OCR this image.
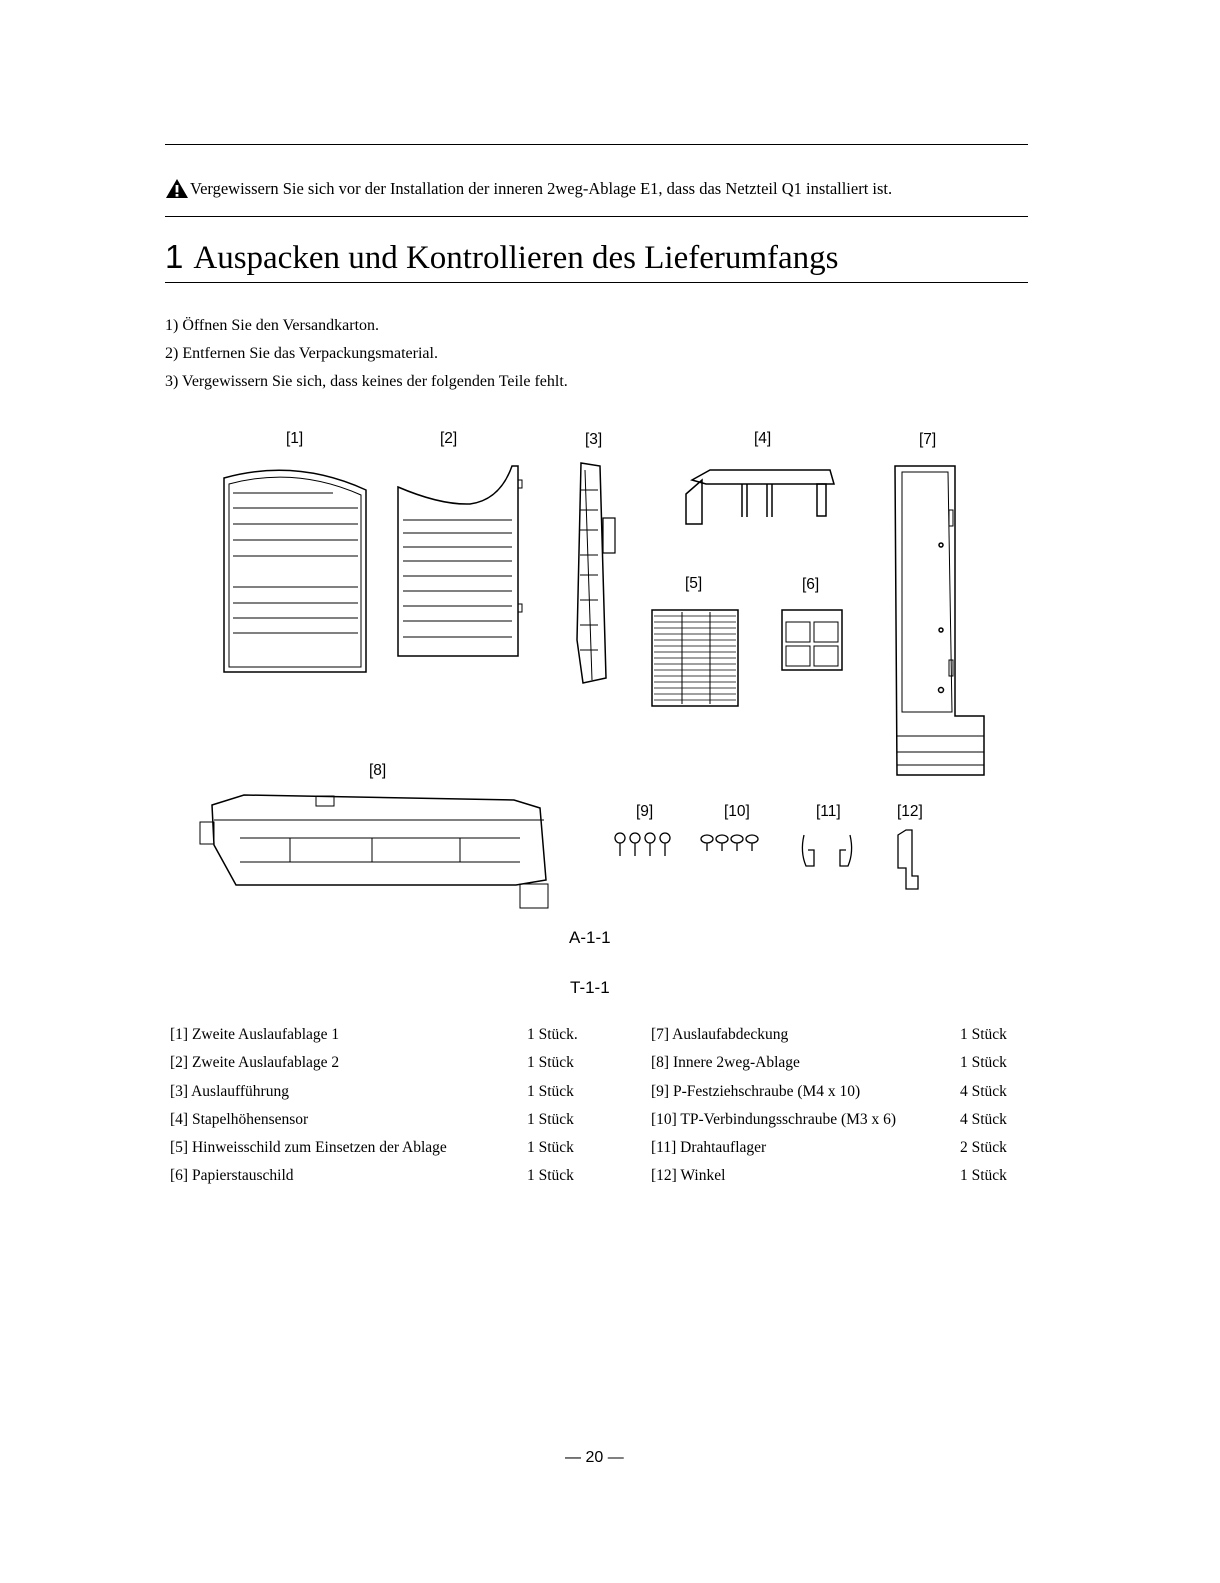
Vergewissern Sie sich vor der Installation der inneren 2weg-Ablage E1, dass das Netzteil Q1 installiert ist.
1 Auspacken und Kontrollieren des Lieferumfangs
1) Öffnen Sie den Versandkarton.
2) Entfernen Sie das Verpackungsmaterial.
3) Vergewissern Sie sich, dass keines der folgenden Teile fehlt.
[1]	[2]	[3]	[4]
[5]	[6]
[7]
[8]
[9]	[10]	[11]	[12]
A-1-1
T-1-1
[1] Zweite Auslaufablage 1	1 Stück.
[2] Zweite Auslaufablage 2	1 Stück
[3] Auslaufführung	1 Stück
[4] Stapelhöhensensor	1 Stück
[5] Hinweisschild zum Einsetzen der Ablage	1 Stück
[6] Papierstauschild	1 Stück
[7] Auslaufabdeckung	1 Stück
[8] Innere 2weg-Ablage	1 Stück
[9] P-Festziehschraube (M4 x 10)	4 Stück
[10] TP-Verbindungsschraube (M3 x 6)	4 Stück
[11] Drahtauflager	2 Stück
[12] Winkel	1 Stück
— 20 —
